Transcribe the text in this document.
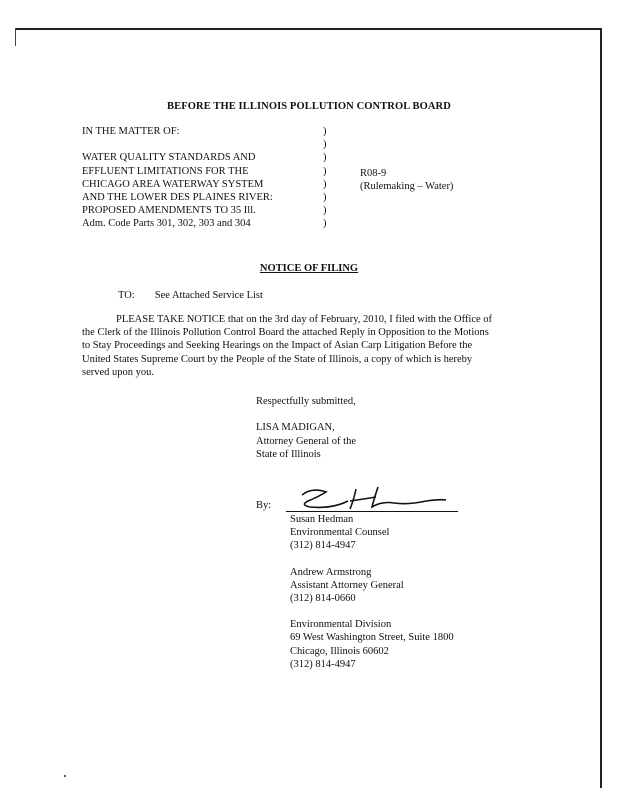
BEFORE THE ILLINOIS POLLUTION CONTROL BOARD
IN THE MATTER OF:
WATER QUALITY STANDARDS AND
EFFLUENT LIMITATIONS FOR THE
CHICAGO AREA WATERWAY SYSTEM
AND THE LOWER DES PLAINES RIVER:
PROPOSED AMENDMENTS TO 35 Ill.
Adm. Code Parts 301, 302, 303 and 304
)
)
)
)
)
)
)
)
R08-9
(Rulemaking – Water)
NOTICE OF FILING
TO: See Attached Service List
PLEASE TAKE NOTICE that on the 3rd day of February, 2010, I filed with the Office of
the Clerk of the Illinois Pollution Control Board the attached Reply in Opposition to the Motions
to Stay Proceedings and Seeking Hearings on the Impact of Asian Carp Litigation Before the
United States Supreme Court by the People of the State of Illinois, a copy of which is hereby
served upon you.
Respectfully submitted,
LISA MADIGAN,
Attorney General of the
State of Illinois
By:
Susan Hedman
Environmental Counsel
(312) 814-4947
Andrew Armstrong
Assistant Attorney General
(312) 814-0660
Environmental Division
69 West Washington Street, Suite 1800
Chicago, Illinois 60602
(312) 814-4947
